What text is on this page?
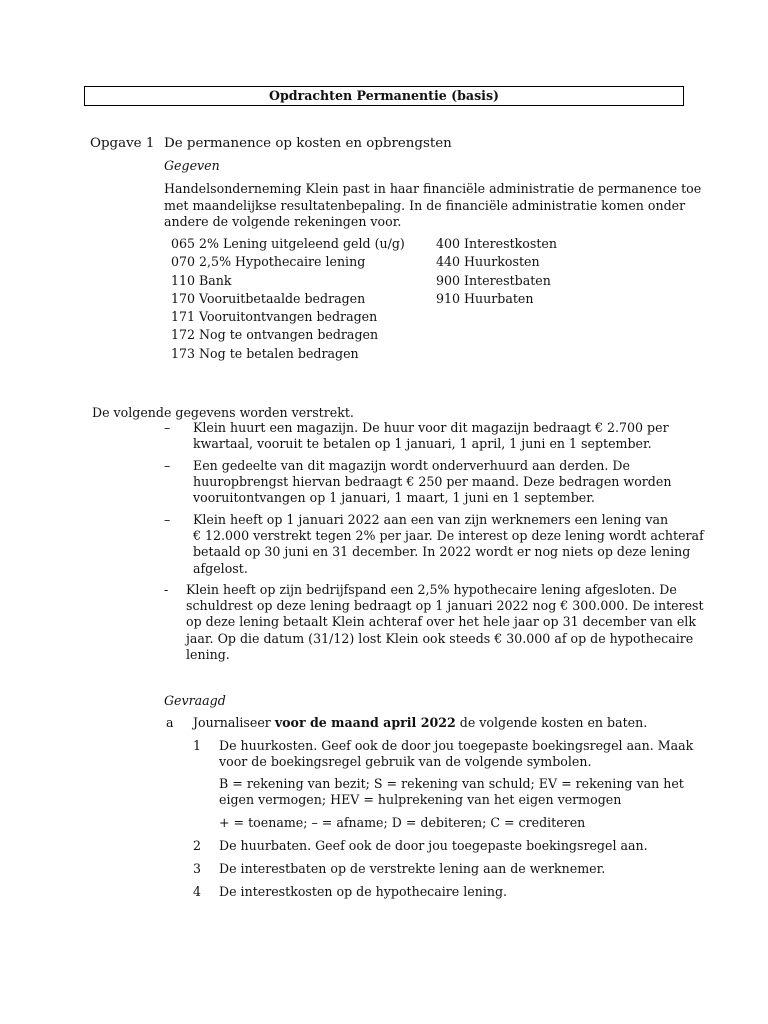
Opdrachten Permanentie (basis)
Opgave 1 De permanence op kosten en opbrengsten
Gegeven
Handelsonderneming Klein past in haar financiële administratie de permanence toe
met maandelijkse resultatenbepaling. In de financiële administratie komen onder
andere de volgende rekeningen voor.
065 2% Lening uitgeleend geld (u/g)
070 2,5% Hypothecaire lening
110 Bank
170 Vooruitbetaalde bedragen
171 Vooruitontvangen bedragen
172 Nog te ontvangen bedragen
173 Nog te betalen bedragen
400 Interestkosten
440 Huurkosten
900 Interestbaten
910 Huurbaten
De volgende gegevens worden verstrekt.
– Klein huurt een magazijn. De huur voor dit magazijn bedraagt € 2.700 per
kwartaal, vooruit te betalen op 1 januari, 1 april, 1 juni en 1 september.
– Een gedeelte van dit magazijn wordt onderverhuurd aan derden. De
huuropbrengst hiervan bedraagt € 250 per maand. Deze bedragen worden
vooruitontvangen op 1 januari, 1 maart, 1 juni en 1 september.
– Klein heeft op 1 januari 2022 aan een van zijn werknemers een lening van
€ 12.000 verstrekt tegen 2% per jaar. De interest op deze lening wordt achteraf
betaald op 30 juni en 31 december. In 2022 wordt er nog niets op deze lening
afgelost.
- Klein heeft op zijn bedrijfspand een 2,5% hypothecaire lening afgesloten. De
schuldrest op deze lening bedraagt op 1 januari 2022 nog € 300.000. De interest
op deze lening betaalt Klein achteraf over het hele jaar op 31 december van elk
jaar. Op die datum (31/12) lost Klein ook steeds € 30.000 af op de hypothecaire
lening.
Gevraagd
a Journaliseer voor de maand april 2022 de volgende kosten en baten.
1 De huurkosten. Geef ook de door jou toegepaste boekingsregel aan. Maak
voor de boekingsregel gebruik van de volgende symbolen.
B = rekening van bezit; S = rekening van schuld; EV = rekening van het
eigen vermogen; HEV = hulprekening van het eigen vermogen
+ = toename; – = afname; D = debiteren; C = crediteren
2 De huurbaten. Geef ook de door jou toegepaste boekingsregel aan.
3 De interestbaten op de verstrekte lening aan de werknemer.
4 De interestkosten op de hypothecaire lening.
